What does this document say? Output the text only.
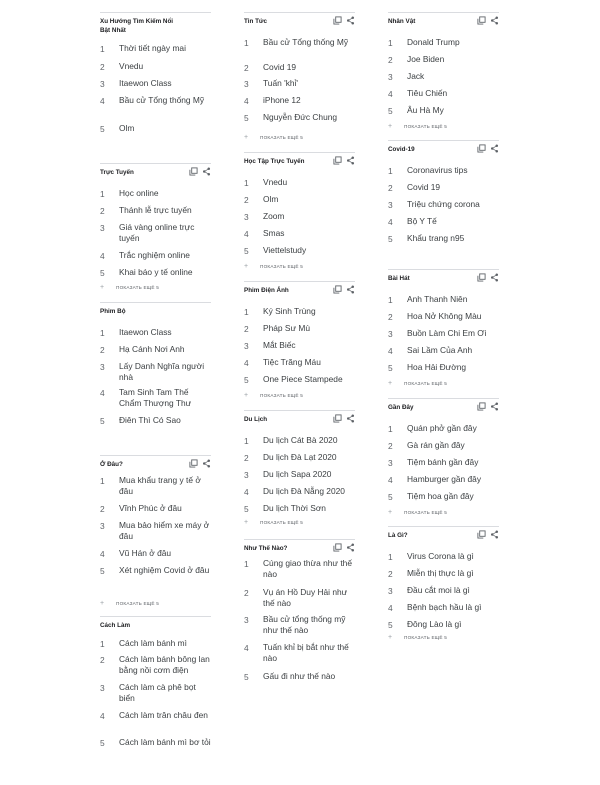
Xu Hướng Tìm Kiếm Nổi Bật Nhất
1	Thời tiết ngày mai
2	Vnedu
3	Itaewon Class
4	Bầu cử Tổng thống Mỹ
5	Olm
Trực Tuyến
1	Học online
2	Thánh lễ trực tuyến
3	Giá vàng online trực tuyến
4	Trắc nghiệm online
5	Khai báo y tế online
+	ПОКАЗАТЬ ЕЩЁ 5
Phim Bộ
1	Itaewon Class
2	Hạ Cánh Nơi Anh
3	Lấy Danh Nghĩa người nhà
4	Tam Sinh Tam Thế Chẩm Thượng Thư
5	Điên Thì Có Sao
Ở Đâu?
1	Mua khẩu trang y tế ở đâu
2	Vĩnh Phúc ở đâu
3	Mua bảo hiểm xe máy ở đâu
4	Vũ Hán ở đâu
5	Xét nghiệm Covid ở đâu
+	ПОКАЗАТЬ ЕЩЁ 5
Cách Làm
1	Cách làm bánh mì
2	Cách làm bánh bông lan bằng nồi cơm điện
3	Cách làm cà phê bọt biển
4	Cách làm trân châu đen
5	Cách làm bánh mì bơ tỏi
Tin Tức
1	Bầu cử Tổng thống Mỹ
2	Covid 19
3	Tuấn 'khỉ'
4	iPhone 12
5	Nguyễn Đức Chung
+	ПОКАЗАТЬ ЕЩЁ 5
Học Tập Trực Tuyến
1	Vnedu
2	Olm
3	Zoom
4	Smas
5	Viettelstudy
+	ПОКАЗАТЬ ЕЩЁ 5
Phim Điện Ảnh
1	Ký Sinh Trùng
2	Pháp Sư Mù
3	Mắt Biếc
4	Tiệc Trăng Máu
5	One Piece Stampede
+	ПОКАЗАТЬ ЕЩЁ 5
Du Lịch
1	Du lịch Cát Bà 2020
2	Du lịch Đà Lạt 2020
3	Du lịch Sapa 2020
4	Du lịch Đà Nẵng 2020
5	Du lịch Thời Sơn
+	ПОКАЗАТЬ ЕЩЁ 5
Như Thế Nào?
1	Cúng giao thừa như thế nào
2	Vụ án Hồ Duy Hải như thế nào
3	Bầu cử tổng thống mỹ như thế nào
4	Tuấn khỉ bị bắt như thế nào
5	Gấu đi như thế nào
Nhân Vật
1	Donald Trump
2	Joe Biden
3	Jack
4	Tiêu Chiến
5	Âu Hà My
+	ПОКАЗАТЬ ЕЩЁ 5
Covid-19
1	Coronavirus tips
2	Covid 19
3	Triệu chứng corona
4	Bộ Y Tế
5	Khẩu trang n95
Bài Hát
1	Anh Thanh Niên
2	Hoa Nở Không Màu
3	Buồn Làm Chi Em Ơi
4	Sai Lầm Của Anh
5	Hoa Hải Đường
+	ПОКАЗАТЬ ЕЩЁ 5
Gần Đây
1	Quán phở gần đây
2	Gà rán gần đây
3	Tiệm bánh gần đây
4	Hamburger gần đây
5	Tiệm hoa gần đây
+	ПОКАЗАТЬ ЕЩЁ 5
Là Gì?
1	Virus Corona là gì
2	Miễn thị thực là gì
3	Đầu cắt moi là gì
4	Bệnh bạch hầu là gì
5	Đông Lào là gì
+	ПОКАЗАТЬ ЕЩЁ 5
